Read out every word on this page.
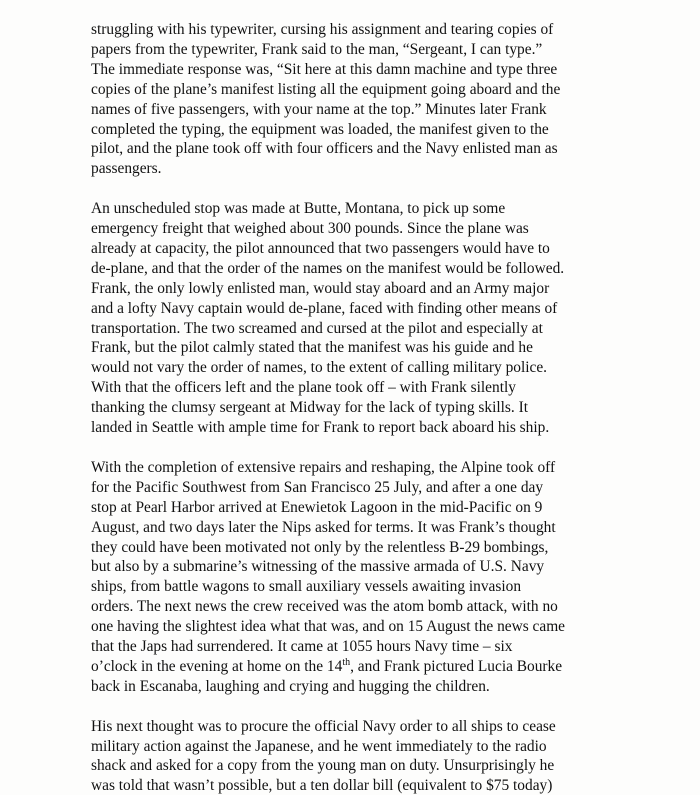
struggling with his typewriter, cursing his assignment and tearing copies of
papers from the typewriter, Frank said to the man, “Sergeant, I can type.”
The immediate response was, “Sit here at this damn machine and type three
copies of the plane’s manifest listing all the equipment going aboard and the
names of five passengers, with your name at the top.” Minutes later Frank
completed the typing, the equipment was loaded, the manifest given to the
pilot, and the plane took off with four officers and the Navy enlisted man as
passengers.
An unscheduled stop was made at Butte, Montana, to pick up some
emergency freight that weighed about 300 pounds. Since the plane was
already at capacity, the pilot announced that two passengers would have to
de-plane, and that the order of the names on the manifest would be followed.
Frank, the only lowly enlisted man, would stay aboard and an Army major
and a lofty Navy captain would de-plane, faced with finding other means of
transportation. The two screamed and cursed at the pilot and especially at
Frank, but the pilot calmly stated that the manifest was his guide and he
would not vary the order of names, to the extent of calling military police.
With that the officers left and the plane took off – with Frank silently
thanking the clumsy sergeant at Midway for the lack of typing skills. It
landed in Seattle with ample time for Frank to report back aboard his ship.
With the completion of extensive repairs and reshaping, the Alpine took off
for the Pacific Southwest from San Francisco 25 July, and after a one day
stop at Pearl Harbor arrived at Enewietok Lagoon in the mid-Pacific on 9
August, and two days later the Nips asked for terms. It was Frank’s thought
they could have been motivated not only by the relentless B-29 bombings,
but also by a submarine’s witnessing of the massive armada of U.S. Navy
ships, from battle wagons to small auxiliary vessels awaiting invasion
orders. The next news the crew received was the atom bomb attack, with no
one having the slightest idea what that was, and on 15 August the news came
that the Japs had surrendered. It came at 1055 hours Navy time – six
o’clock in the evening at home on the 14th, and Frank pictured Lucia Bourke
back in Escanaba, laughing and crying and hugging the children.
His next thought was to procure the official Navy order to all ships to cease
military action against the Japanese, and he went immediately to the radio
shack and asked for a copy from the young man on duty. Unsurprisingly he
was told that wasn’t possible, but a ten dollar bill (equivalent to $75 today)
